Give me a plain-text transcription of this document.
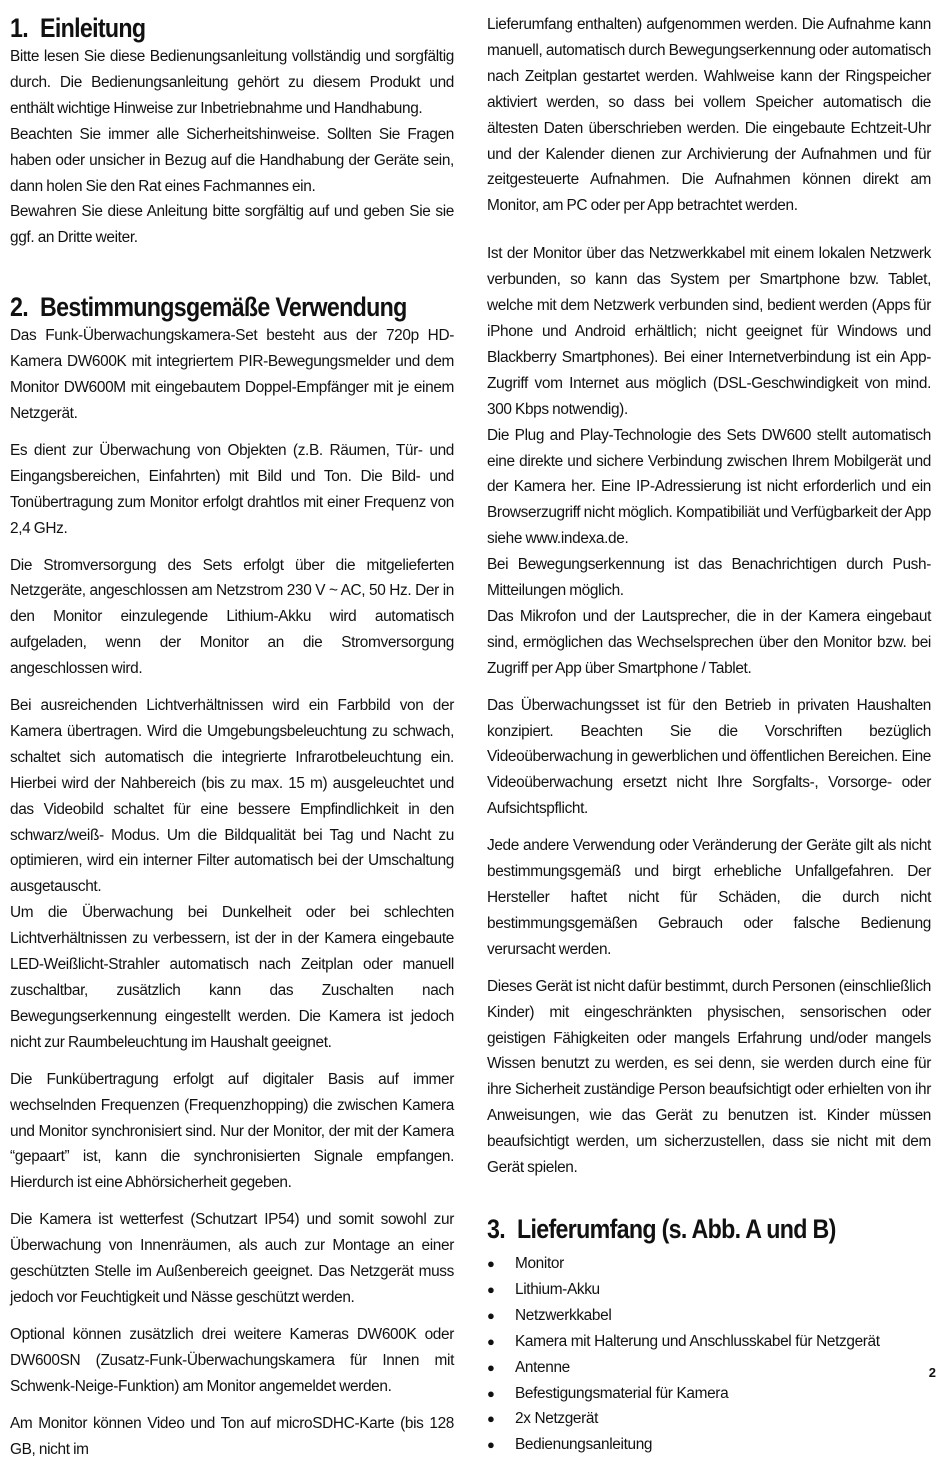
1. Einleitung

Bitte lesen Sie diese Bedienungsanleitung vollständig und sorgfältig durch. Die Bedienungsanleitung gehört zu diesem Produkt und enthält wichtige Hinweise zur Inbetriebnahme und Handhabung.

Beachten Sie immer alle Sicherheitshinweise. Sollten Sie Fragen haben oder unsicher in Bezug auf die Handhabung der Geräte sein, dann holen Sie den Rat eines Fachmannes ein.

Bewahren Sie diese Anleitung bitte sorgfältig auf und geben Sie sie ggf. an Dritte weiter.

2. Bestimmungsgemäße Verwendung

Das Funk-Überwachungskamera-Set besteht aus der 720p HD-Kamera DW600K mit integriertem PIR-Bewegungsmelder und dem Monitor DW600M mit eingebautem Doppel-Empfänger mit je einem Netzgerät.

Es dient zur Überwachung von Objekten (z.B. Räumen, Tür- und Eingangsbereichen, Einfahrten) mit Bild und Ton. Die Bild- und Tonübertragung zum Monitor erfolgt drahtlos mit einer Frequenz von 2,4 GHz.

Die Stromversorgung des Sets erfolgt über die mitgelieferten Netzgeräte, angeschlossen am Netzstrom 230 V ~ AC, 50 Hz. Der in den Monitor einzulegende Lithium-Akku wird automatisch aufgeladen, wenn der Monitor an die Stromversorgung angeschlossen wird.

Bei ausreichenden Lichtverhältnissen wird ein Farbbild von der Kamera übertragen. Wird die Umgebungsbeleuchtung zu schwach, schaltet sich automatisch die integrierte Infrarotbeleuchtung ein. Hierbei wird der Nahbereich (bis zu max. 15 m) ausgeleuchtet und das Videobild schaltet für eine bessere Empfindlichkeit in den schwarz/weiß- Modus. Um die Bildqualität bei Tag und Nacht zu optimieren, wird ein interner Filter automatisch bei der Umschaltung ausgetauscht.

Um die Überwachung bei Dunkelheit oder bei schlechten Lichtverhältnissen zu verbessern, ist der in der Kamera eingebaute LED-Weißlicht-Strahler automatisch nach Zeitplan oder manuell zuschaltbar, zusätzlich kann das Zuschalten nach Bewegungserkennung eingestellt werden. Die Kamera ist jedoch nicht zur Raumbeleuchtung im Haushalt geeignet.

Die Funkübertragung erfolgt auf digitaler Basis auf immer wechselnden Frequenzen (Frequenzhopping) die zwischen Kamera und Monitor synchronisiert sind. Nur der Monitor, der mit der Kamera “gepaart” ist, kann die synchronisierten Signale empfangen. Hierdurch ist eine Abhörsicherheit gegeben.

Die Kamera ist wetterfest (Schutzart IP54) und somit sowohl zur Überwachung von Innenräumen, als auch zur Montage an einer geschützten Stelle im Außenbereich geeignet. Das Netzgerät muss jedoch vor Feuchtigkeit und Nässe geschützt werden.

Optional können zusätzlich drei weitere Kameras DW600K oder DW600SN (Zusatz-Funk-Überwachungskamera für Innen mit Schwenk-Neige-Funktion) am Monitor angemeldet werden.

Am Monitor können Video und Ton auf microSDHC-Karte (bis 128 GB, nicht im

Lieferumfang enthalten) aufgenommen werden. Die Aufnahme kann manuell, automatisch durch Bewegungserkennung oder automatisch nach Zeitplan gestartet werden. Wahlweise kann der Ringspeicher aktiviert werden, so dass bei vollem Speicher automatisch die ältesten Daten überschrieben werden. Die eingebaute Echtzeit-Uhr und der Kalender dienen zur Archivierung der Aufnahmen und für zeitgesteuerte Aufnahmen. Die Aufnahmen können direkt am Monitor, am PC oder per App betrachtet werden.

Ist der Monitor über das Netzwerkkabel mit einem lokalen Netzwerk verbunden, so kann das System per Smartphone bzw. Tablet, welche mit dem Netzwerk verbunden sind, bedient werden (Apps für iPhone und Android erhältlich; nicht geeignet für Windows und Blackberry Smartphones). Bei einer Internetverbindung ist ein App-Zugriff vom Internet aus möglich (DSL-Geschwindigkeit von mind. 300 Kbps notwendig).

Die Plug and Play-Technologie des Sets DW600 stellt automatisch eine direkte und sichere Verbindung zwischen Ihrem Mobilgerät und der Kamera her. Eine IP-Adressierung ist nicht erforderlich und ein Browserzugriff nicht möglich. Kompatibiliät und Verfügbarkeit der App siehe www.indexa.de.

Bei Bewegungserkennung ist das Benachrichtigen durch Push-Mitteilungen möglich.

Das Mikrofon und der Lautsprecher, die in der Kamera eingebaut sind, ermöglichen das Wechselsprechen über den Monitor bzw. bei Zugriff per App über Smartphone / Tablet.

Das Überwachungsset ist für den Betrieb in privaten Haushalten konzipiert. Beachten Sie die Vorschriften bezüglich Videoüberwachung in gewerblichen und öffentlichen Bereichen. Eine Videoüberwachung ersetzt nicht Ihre Sorgfalts-, Vorsorge- oder Aufsichtspflicht.

Jede andere Verwendung oder Veränderung der Geräte gilt als nicht bestimmungsgemäß und birgt erhebliche Unfallgefahren. Der Hersteller haftet nicht für Schäden, die durch nicht bestimmungsgemäßen Gebrauch oder falsche Bedienung verursacht werden.

Dieses Gerät ist nicht dafür bestimmt, durch Personen (einschließlich Kinder) mit eingeschränkten physischen, sensorischen oder geistigen Fähigkeiten oder mangels Erfahrung und/oder mangels Wissen benutzt zu werden, es sei denn, sie werden durch eine für ihre Sicherheit zuständige Person beaufsichtigt oder erhielten von ihr Anweisungen, wie das Gerät zu benutzen ist. Kinder müssen beaufsichtigt werden, um sicherzustellen, dass sie nicht mit dem Gerät spielen.

3. Lieferumfang (s. Abb. A und B)
● Monitor
● Lithium-Akku
● Netzwerkkabel
● Kamera mit Halterung und Anschlusskabel für Netzgerät
● Antenne
● Befestigungsmaterial für Kamera
● 2x Netzgerät
● Bedienungsanleitung
2
